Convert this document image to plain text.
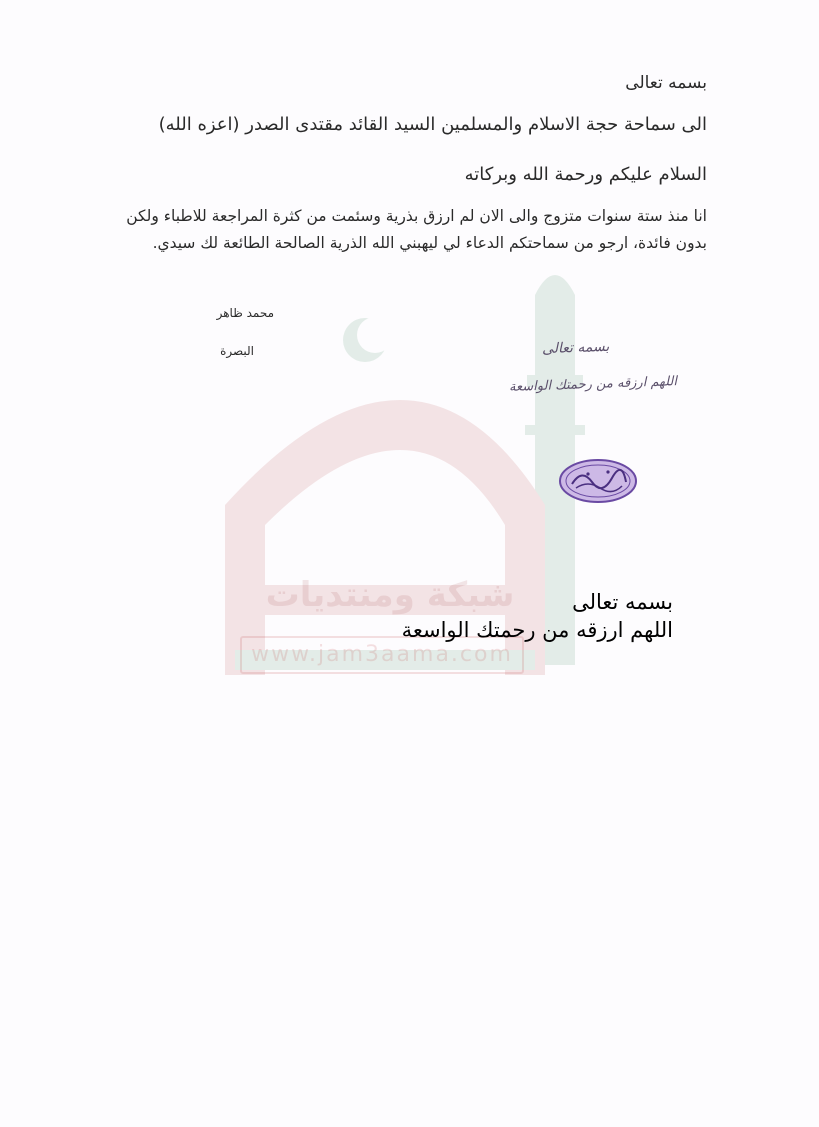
شبكة ومنتديات
www.jam3aama.com
بسمه تعالى
الى سماحة حجة الاسلام والمسلمين السيد القائد مقتدى الصدر (اعزه الله)
السلام عليكم ورحمة الله وبركاته
انا منذ ستة سنوات متزوج والى الان لم ارزق بذرية وسئمت من كثرة المراجعة للاطباء ولكن بدون فائدة، ارجو من سماحتكم الدعاء لي ليهبني الله الذرية الصالحة الطائعة لك سيدي.
محمد ظاهر
البصرة	بسمه تعالى
اللهم ارزقه من رحمتك الواسعة
بسمه تعالى
اللهم ارزقه من رحمتك الواسعة
